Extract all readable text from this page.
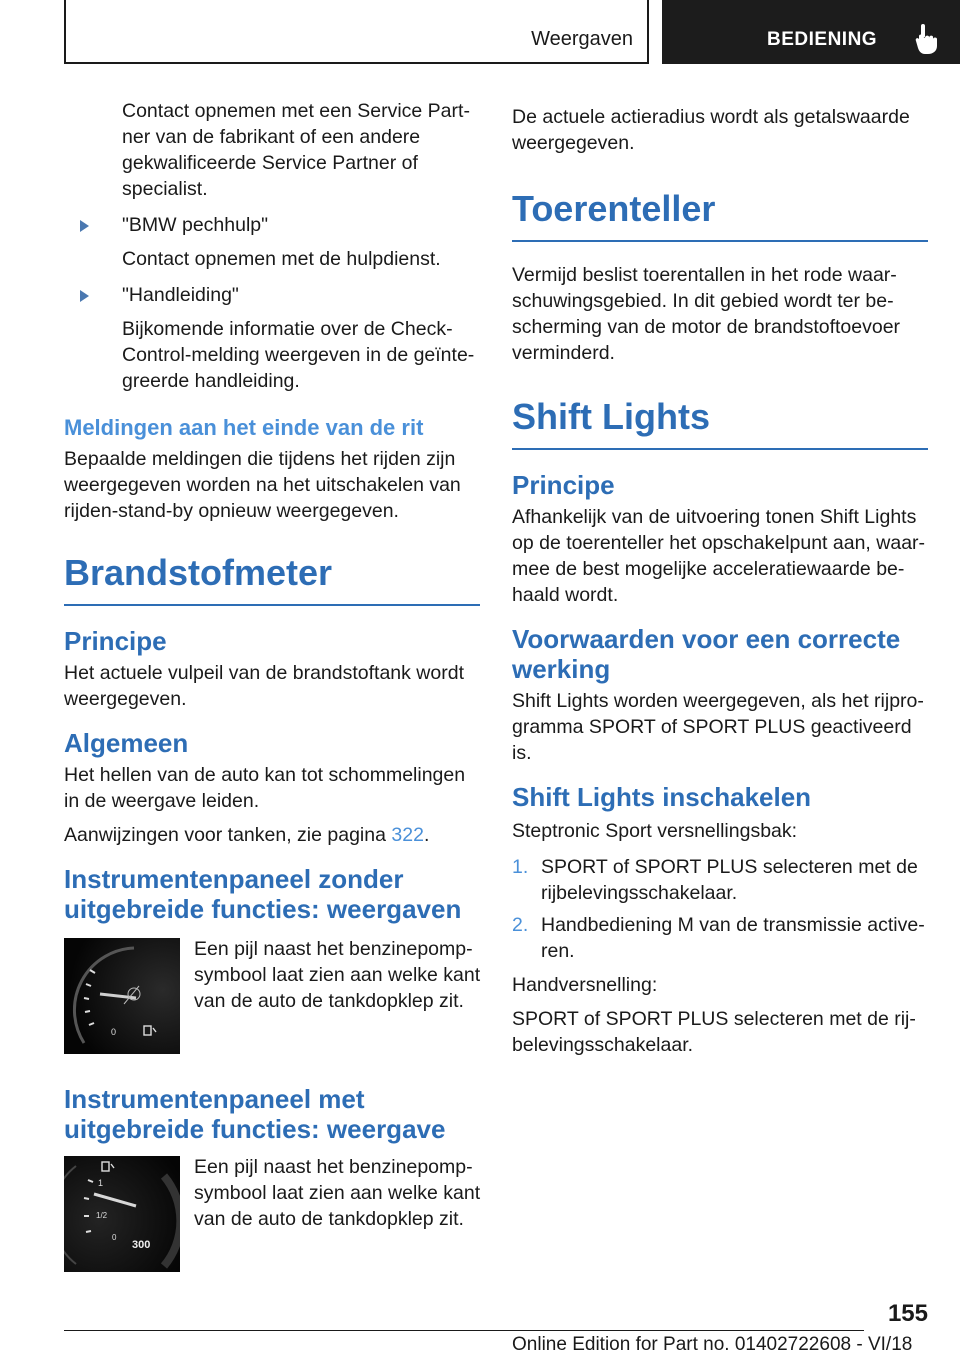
Weergaven	BEDIENING

Contact opnemen met een Service Partner van de fabrikant of een andere gekwalificeerde Service Partner of specialist.

"BMW pechhulp"

Contact opnemen met de hulpdienst.

"Handleiding"

Bijkomende informatie over de Check-Control-melding weergeven in de geïntegreerde handleiding.

Meldingen aan het einde van de rit

Bepaalde meldingen die tijdens het rijden zijn weergegeven worden na het uitschakelen van rijden-stand-by opnieuw weergegeven.

Brandstofmeter

Principe

Het actuele vulpeil van de brandstoftank wordt weergegeven.

Algemeen

Het hellen van de auto kan tot schommelingen in de weergave leiden.

Aanwijzingen voor tanken, zie pagina 322.

Instrumentenpaneel zonder uitgebreide functies: weergaven

0

Een pijl naast het benzinepompsymbool laat zien aan welke kant van de auto de tankdopklep zit.

Instrumentenpaneel met uitgebreide functies: weergave

1
1/2
0
300

Een pijl naast het benzinepompsymbool laat zien aan welke kant van de auto de tankdopklep zit.

De actuele actieradius wordt als getalswaarde weergegeven.

Toerenteller

Vermijd beslist toerentallen in het rode waarschuwingsgebied. In dit gebied wordt ter bescherming van de motor de brandstoftoevoer verminderd.

Shift Lights

Principe

Afhankelijk van de uitvoering tonen Shift Lights op de toerenteller het opschakelpunt aan, waarmee de best mogelijke acceleratiewaarde behaald wordt.

Voorwaarden voor een correcte werking

Shift Lights worden weergegeven, als het rijprogramma SPORT of SPORT PLUS geactiveerd is.

Shift Lights inschakelen

Steptronic Sport versnellingsbak:

1. SPORT of SPORT PLUS selecteren met de rijbelevingsschakelaar.

2. Handbediening M van de transmissie activeren.

Handversnelling:

SPORT of SPORT PLUS selecteren met de rijbelevingsschakelaar.

155
Online Edition for Part no. 01402722608 - VI/18
